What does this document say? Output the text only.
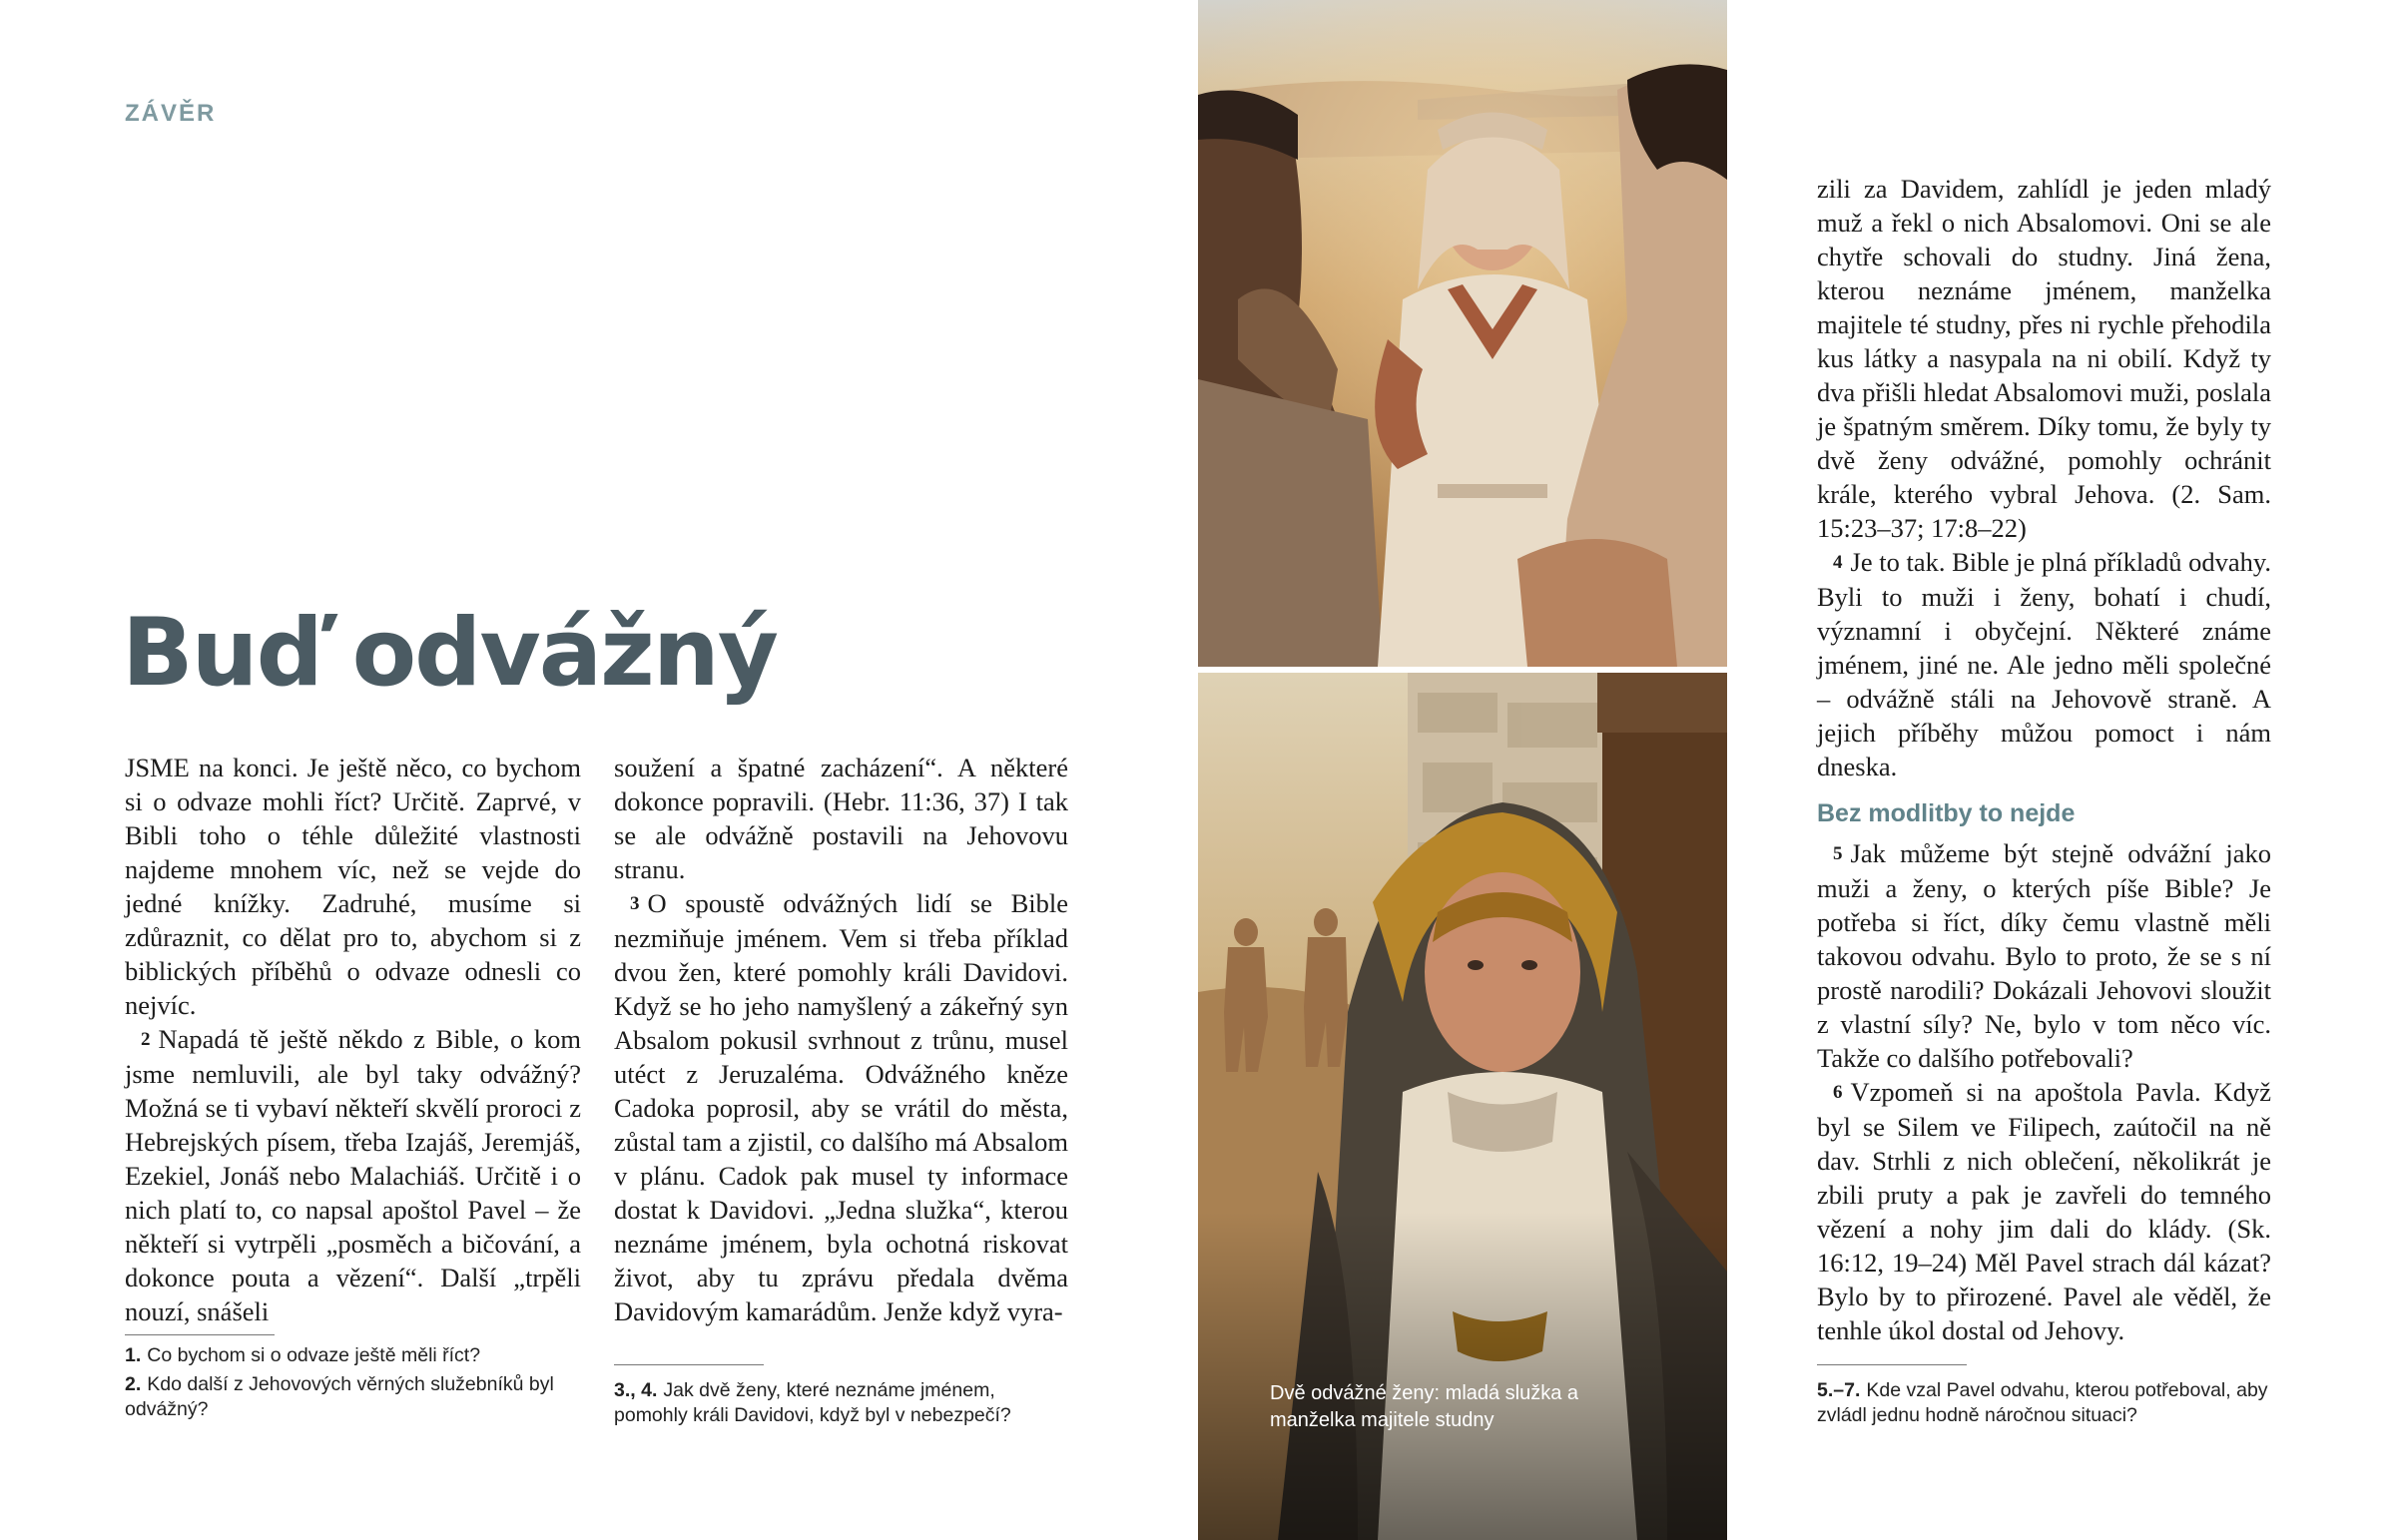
ZÁVĚR
Buď odvážný

JSME na konci. Je ještě něco, co bychom si o odvaze mohli říct? Určitě. Zaprvé, v Bibli toho o téhle důležité vlastnosti najdeme mnohem víc, než se vejde do jedné knížky. Zadruhé, musíme si zdůraznit, co dělat pro to, abychom si z biblických příběhů o odvaze odnesli co nejvíc.

2 Napadá tě ještě někdo z Bible, o kom jsme nemluvili, ale byl taky odvážný? Možná se ti vybaví někteří skvělí proroci z Hebrejských písem, třeba Izajáš, Jeremjáš, Ezekiel, Jonáš nebo Malachiáš. Určitě i o nich platí to, co napsal apoštol Pavel – že někteří si vytrpěli „posměch a bičování, a dokonce pouta a vězení“. Další „trpěli nouzí, snášeli

1. Co bychom si o odvaze ještě měli říct?

2. Kdo další z Jehovových věrných služebníků byl odvážný?

soužení a špatné zacházení“. A některé dokonce popravili. (Hebr. 11:36, 37) I tak se ale odvážně postavili na Jehovovu stranu.

3 O spoustě odvážných lidí se Bible nezmiňuje jménem. Vem si třeba příklad dvou žen, které pomohly králi Davidovi. Když se ho jeho namyšlený a zákeřný syn Absalom pokusil svrhnout z trůnu, musel utéct z Jeruzaléma. Odvážného kněze Cadoka poprosil, aby se vrátil do města, zůstal tam a zjistil, co dalšího má Absalom v plánu. Cadok pak musel ty informace dostat k Davidovi. „Jedna služka“, kterou neznáme jménem, byla ochotná riskovat život, aby tu zprávu předala dvěma Davidovým kamarádům. Jenže když vyra-

3., 4. Jak dvě ženy, které neznáme jménem, pomohly králi Davidovi, když byl v nebezpečí?

Dvě odvážné ženy: mladá služka a manželka majitele studny

zili za Davidem, zahlídl je jeden mladý muž a řekl o nich Absalomovi. Oni se ale chytře schovali do studny. Jiná žena, kterou neznáme jménem, manželka majitele té studny, přes ni rychle přehodila kus látky a nasypala na ni obilí. Když ty dva přišli hledat Absalomovi muži, poslala je špatným směrem. Díky tomu, že byly ty dvě ženy odvážné, pomohly ochránit krále, kterého vybral Jehova. (2. Sam. 15:23–37; 17:8–22)

4 Je to tak. Bible je plná příkladů odvahy. Byli to muži i ženy, bohatí i chudí, významní i obyčejní. Některé známe jménem, jiné ne. Ale jedno měli společné – odvážně stáli na Jehovově straně. A jejich příběhy můžou pomoct i nám dneska.

Bez modlitby to nejde

5 Jak můžeme být stejně odvážní jako muži a ženy, o kterých píše Bible? Je potřeba si říct, díky čemu vlastně měli takovou odvahu. Bylo to proto, že se s ní prostě narodili? Dokázali Jehovovi sloužit z vlastní síly? Ne, bylo v tom něco víc. Takže co dalšího potřebovali?

6 Vzpomeň si na apoštola Pavla. Když byl se Silem ve Filipech, zaútočil na ně dav. Strhli z nich oblečení, několikrát je zbili pruty a pak je zavřeli do temného vězení a nohy jim dali do klády. (Sk. 16:12, 19–24) Měl Pavel strach dál kázat? Bylo by to přirozené. Pavel ale věděl, že tenhle úkol dostal od Jehovy.

5.–7. Kde vzal Pavel odvahu, kterou potřeboval, aby zvládl jednu hodně náročnou situaci?
